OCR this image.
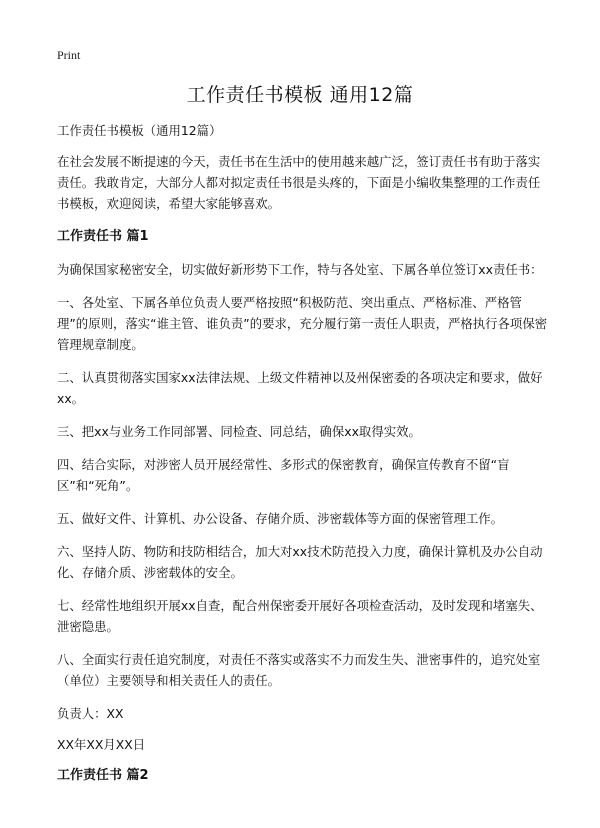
Print
工作责任书模板 通用12篇

工作责任书模板（通用12篇）

在社会发展不断提速的今天，责任书在生活中的使用越来越广泛，签订责任书有助于落实责任。我敢肯定，大部分人都对拟定责任书很是头疼的，下面是小编收集整理的工作责任书模板，欢迎阅读，希望大家能够喜欢。

工作责任书 篇1

为确保国家秘密安全，切实做好新形势下工作，特与各处室、下属各单位签订xx责任书：

一、各处室、下属各单位负责人要严格按照“积极防范、突出重点、严格标准、严格管理”的原则，落实“谁主管、谁负责”的要求，充分履行第一责任人职责，严格执行各项保密管理规章制度。

二、认真贯彻落实国家xx法律法规、上级文件精神以及州保密委的各项决定和要求，做好xx。

三、把xx与业务工作同部署、同检查、同总结，确保xx取得实效。

四、结合实际，对涉密人员开展经常性、多形式的保密教育，确保宣传教育不留“盲区”和“死角”。

五、做好文件、计算机、办公设备、存储介质、涉密载体等方面的保密管理工作。

六、坚持人防、物防和技防相结合，加大对xx技术防范投入力度，确保计算机及办公自动化、存储介质、涉密载体的安全。

七、经常性地组织开展xx自查，配合州保密委开展好各项检查活动，及时发现和堵塞失、泄密隐患。

八、全面实行责任追究制度，对责任不落实或落实不力而发生失、泄密事件的，追究处室（单位）主要领导和相关责任人的责任。

负责人：XX

XX年XX月XX日

工作责任书 篇2
